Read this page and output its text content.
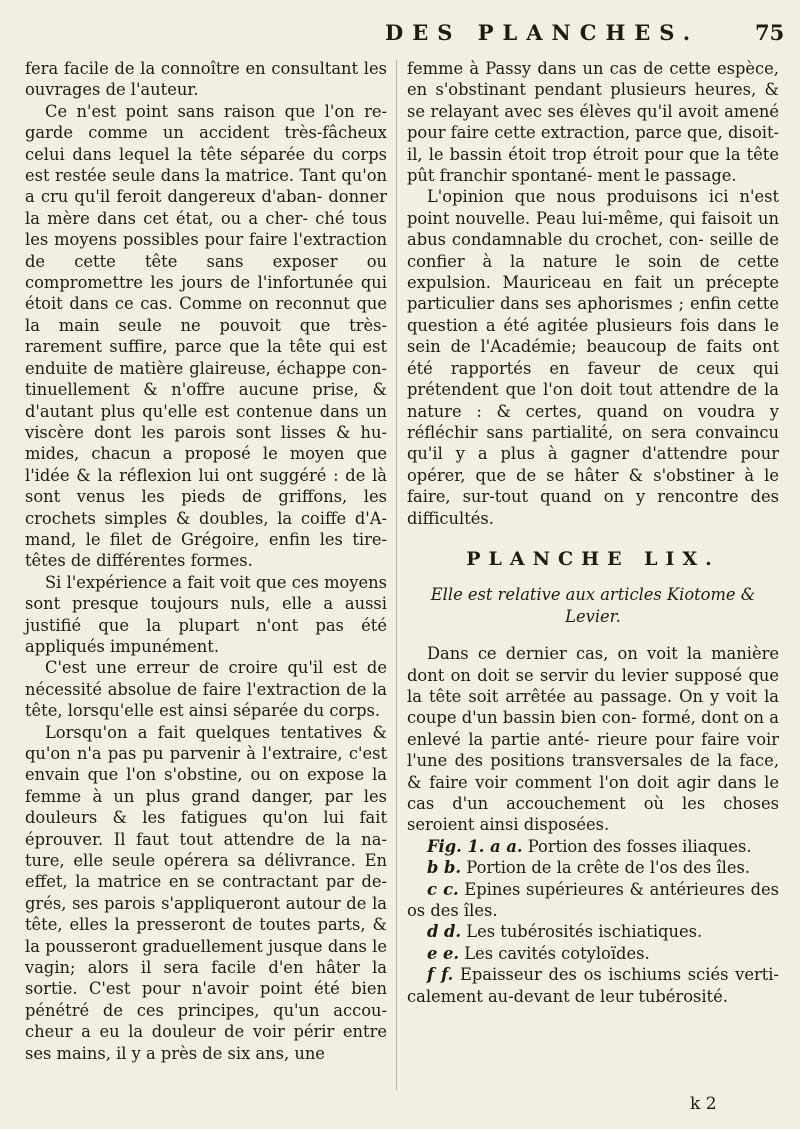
DES PLANCHES.	75

fera facile de la connoître en consultant les ouvrages de l'auteur.

Ce n'est point sans raison que l'on re- garde comme un accident très-fâcheux celui dans lequel la tête séparée du corps est restée seule dans la matrice. Tant qu'on a cru qu'il feroit dangereux d'aban- donner la mère dans cet état, ou a cher- ché tous les moyens possibles pour faire l'extraction de cette tête sans exposer ou compromettre les jours de l'infortunée qui étoit dans ce cas. Comme on reconnut que la main seule ne pouvoit que très- rarement suffire, parce que la tête qui est enduite de matière glaireuse, échappe con- tinuellement & n'offre aucune prise, & d'autant plus qu'elle est contenue dans un viscère dont les parois sont lisses & hu- mides, chacun a proposé le moyen que l'idée & la réflexion lui ont suggéré : de là sont venus les pieds de griffons, les crochets simples & doubles, la coiffe d'A- mand, le filet de Grégoire, enfin les tire- têtes de différentes formes.

Si l'expérience a fait voit que ces moyens sont presque toujours nuls, elle a aussi justifié que la plupart n'ont pas été appliqués impunément.

C'est une erreur de croire qu'il est de nécessité absolue de faire l'extraction de la tête, lorsqu'elle est ainsi séparée du corps.

Lorsqu'on a fait quelques tentatives & qu'on n'a pas pu parvenir à l'extraire, c'est envain que l'on s'obstine, ou on expose la femme à un plus grand danger, par les douleurs & les fatigues qu'on lui fait éprouver. Il faut tout attendre de la na- ture, elle seule opérera sa délivrance. En effet, la matrice en se contractant par de- grés, ses parois s'appliqueront autour de la tête, elles la presseront de toutes parts, & la pousseront graduellement jusque dans le vagin; alors il sera facile d'en hâter la sortie. C'est pour n'avoir point été bien pénétré de ces principes, qu'un accou- cheur a eu la douleur de voir périr entre ses mains, il y a près de six ans, une

femme à Passy dans un cas de cette espèce, en s'obstinant pendant plusieurs heures, & se relayant avec ses élèves qu'il avoit amené pour faire cette extraction, parce que, disoit-il, le bassin étoit trop étroit pour que la tête pût franchir spontané- ment le passage.

L'opinion que nous produisons ici n'est point nouvelle. Peau lui-même, qui faisoit un abus condamnable du crochet, con- seille de confier à la nature le soin de cette expulsion. Mauriceau en fait un précepte particulier dans ses aphorismes ; enfin cette question a été agitée plusieurs fois dans le sein de l'Académie; beaucoup de faits ont été rapportés en faveur de ceux qui prétendent que l'on doit tout attendre de la nature : & certes, quand on voudra y réfléchir sans partialité, on sera convaincu qu'il y a plus à gagner d'attendre pour opérer, que de se hâter & s'obstiner à le faire, sur-tout quand on y rencontre des difficultés.

PLANCHE LIX.
Elle est relative aux articles Kiotome & Levier.

Dans ce dernier cas, on voit la manière dont on doit se servir du levier supposé que la tête soit arrêtée au passage. On y voit la coupe d'un bassin bien con- formé, dont on a enlevé la partie anté- rieure pour faire voir l'une des positions transversales de la face, & faire voir comment l'on doit agir dans le cas d'un accouchement où les choses seroient ainsi disposées.

Fig. 1. a a. Portion des fosses iliaques.

b b. Portion de la crête de l'os des îles.

c c. Epines supérieures & antérieures des os des îles.

d d. Les tubérosités ischiatiques.

e e. Les cavités cotyloïdes.

f f. Epaisseur des os ischiums sciés verti- calement au-devant de leur tubérosité.

k 2
